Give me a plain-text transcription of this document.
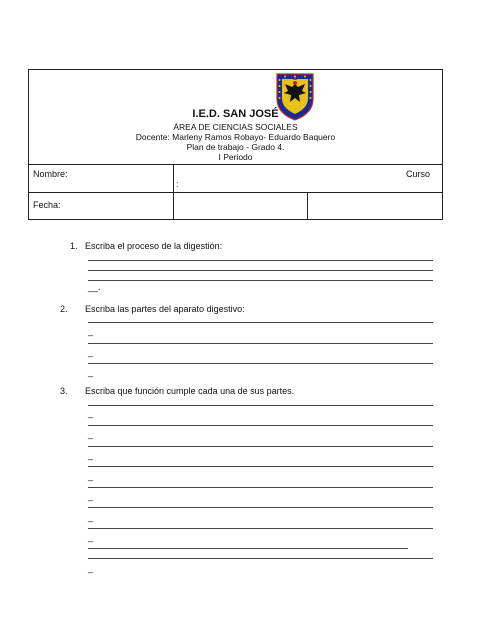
I.E.D. SAN JOSÉ
ÁREA DE CIENCIAS SOCIALES
Docente: Marleny Ramos Robayo- Eduardo Baquero
Plan de trabajo - Grado 4.
I Periodo
Nombre:
:
Curso
Fecha:
1. Escriba el proceso de la digestión:
__.
2.	Escriba las partes del aparato digestivo:
_
_
_
3.	Escriba que función cumple cada una de sus partes.
_
_
_
_
_
_
_
_
